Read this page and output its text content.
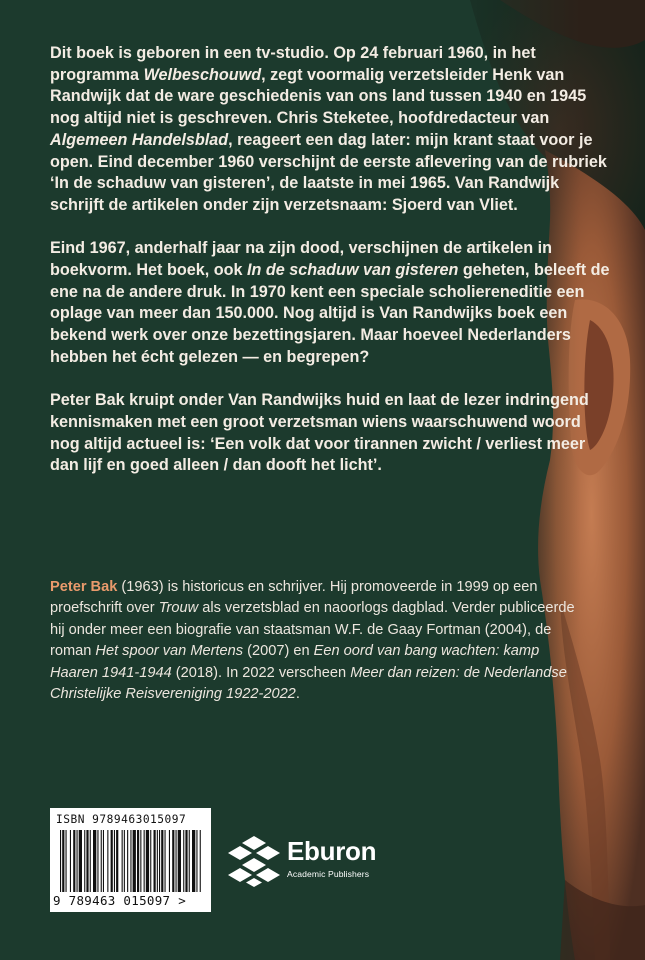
Dit boek is geboren in een tv-studio. Op 24 februari 1960, in het programma Welbeschouwd, zegt voormalig verzetsleider Henk van Randwijk dat de ware geschiedenis van ons land tussen 1940 en 1945 nog altijd niet is geschreven. Chris Steketee, hoofdredacteur van Algemeen Handelsblad, reageert een dag later: mijn krant staat voor je open. Eind december 1960 verschijnt de eerste aflevering van de rubriek ‘In de schaduw van gisteren’, de laatste in mei 1965. Van Randwijk schrijft de artikelen onder zijn verzetsnaam: Sjoerd van Vliet.

Eind 1967, anderhalf jaar na zijn dood, verschijnen de artikelen in boekvorm. Het boek, ook In de schaduw van gisteren geheten, beleeft de ene na de andere druk. In 1970 kent een speciale scholiereneditie een oplage van meer dan 150.000. Nog altijd is Van Randwijks boek een bekend werk over onze bezettingsjaren. Maar hoeveel Nederlanders hebben het écht gelezen — en begrepen?

Peter Bak kruipt onder Van Randwijks huid en laat de lezer indringend kennismaken met een groot verzetsman wiens waarschuwend woord nog altijd actueel is: ‘Een volk dat voor tirannen zwicht / verliest meer dan lijf en goed alleen / dan dooft het licht’.

Peter Bak (1963) is historicus en schrijver. Hij promoveerde in 1999 op een proefschrift over Trouw als verzetsblad en naoorlogs dagblad. Verder publiceerde hij onder meer een biografie van staatsman W.F. de Gaay Fortman (2004), de roman Het spoor van Mertens (2007) en Een oord van bang wachten: kamp Haaren 1941-1944 (2018). In 2022 verscheen Meer dan reizen: de Nederlandse Christelijke Reisvereniging 1922-2022.

ISBN 9789463015097
9 789463 015097 >
Eburon
Academic Publishers
